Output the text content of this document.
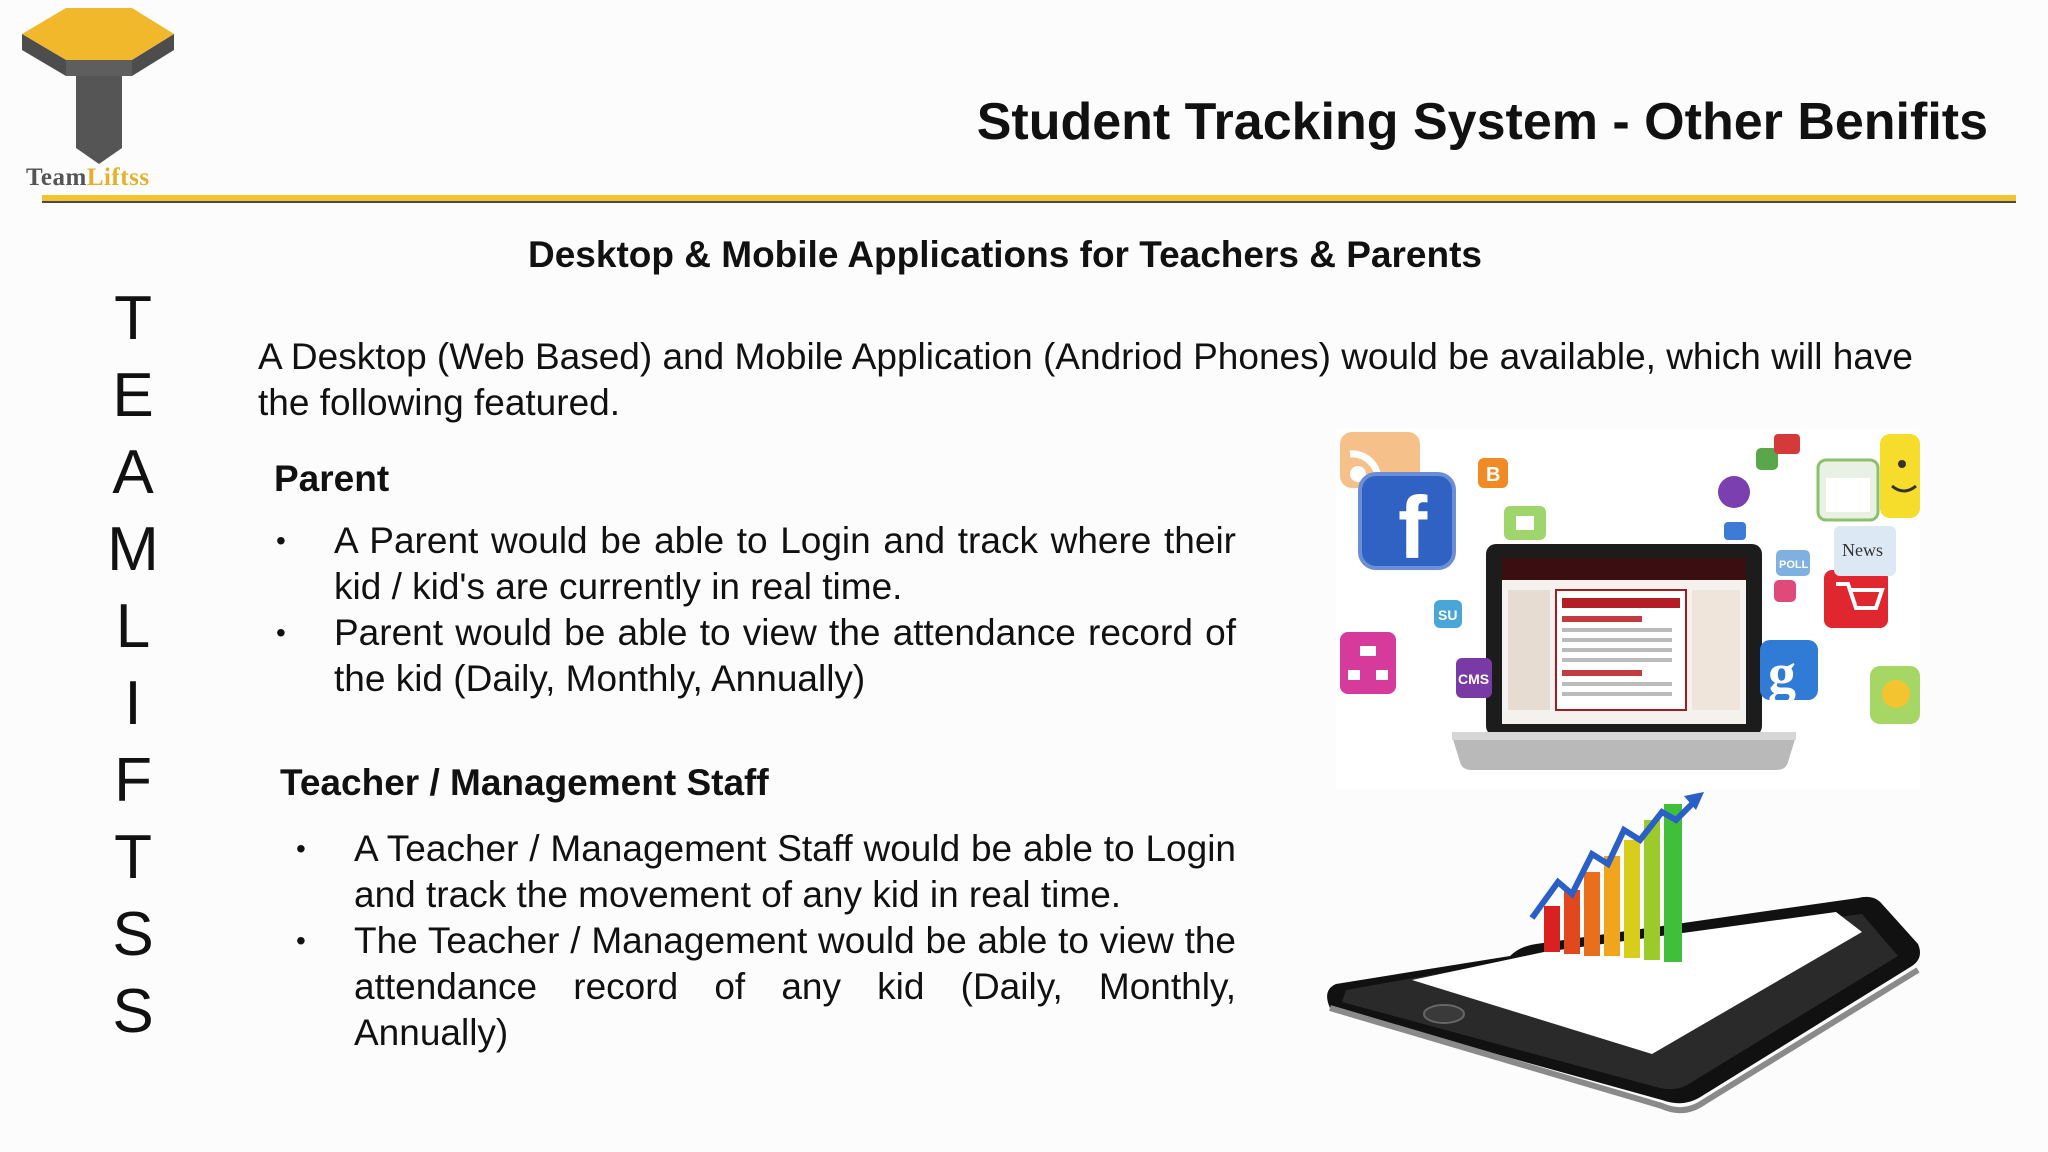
TeamLiftss
Student Tracking System - Other Benifits
T
E
A
M
L
I
F
T
S
S
Desktop & Mobile Applications for Teachers & Parents
A Desktop (Web Based) and Mobile Application (Andriod Phones) would be available, which will have the following featured.
Parent
• A Parent would be able to Login and track where their kid / kid's are currently in real time.
• Parent would be able to view the attendance record of the kid (Daily, Monthly, Annually)
Teacher / Management Staff
• A Teacher / Management Staff would be able to Login and track the movement of any kid in real time.
• The Teacher / Management would be able to view the attendance record of any kid (Daily, Monthly, Annually)
f
B
SU
CMS	g
News
POLL
